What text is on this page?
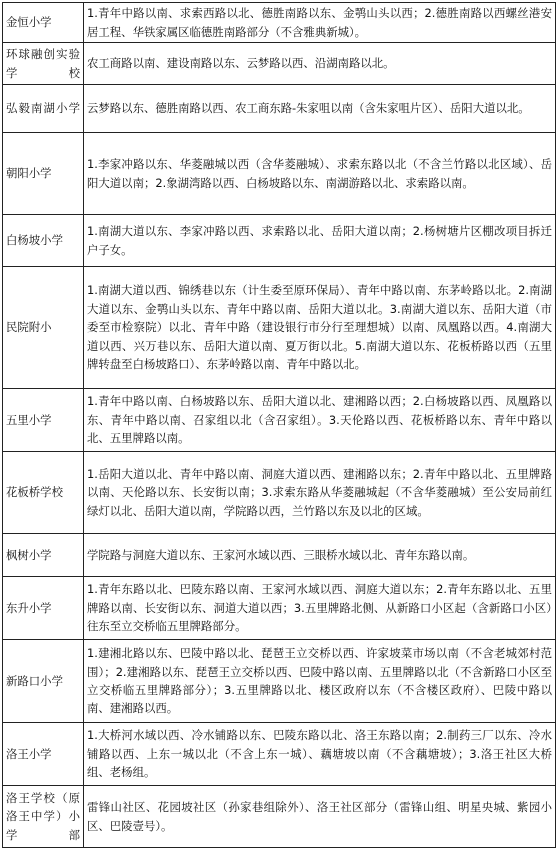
金恒小学	1.青年中路以南、求索西路以北、德胜南路以东、金鹗山头以西；2.德胜南路以西螺丝港安居工程、华铁家属区临德胜南路部分（不含雅典新城）。
环球融创实验学校	农工商路以南、建设南路以东、云梦路以西、沿湖南路以北。
弘毅南湖小学	云梦路以东、德胜南路以西、农工商东路-朱家咀以南（含朱家咀片区）、岳阳大道以北。
朝阳小学	1.李家冲路以东、华菱融城以西（含华菱融城）、求索东路以北（不含兰竹路以北区域）、岳阳大道以南；2.象湖湾路以西、白杨坡路以东、南湖游路以北、求索路以南。
白杨坡小学	1.南湖大道以东、李家冲路以西、求索路以北、岳阳大道以南；2.杨树塘片区棚改项目拆迁户子女。
民院附小	1.南湖大道以西、锦绣巷以东（计生委至原环保局）、青年中路以南、东茅岭路以北。2.南湖大道以东、金鹗山头以东、青年中路以南、岳阳大道以北。3.南湖大道以东、岳阳大道（市委至市检察院）以北、青年中路（建设银行市分行至理想城）以南、凤凰路以西。4.南湖大道以西、兴万巷以东、岳阳大道以南、夏万街以北。5.南湖大道以东、花板桥路以西（五里牌转盘至白杨坡路口）、东茅岭路以南、青年中路以北。
五里小学	1.青年中路以南、白杨坡路以东、岳阳大道以北、建湘路以西；2.白杨坡路以西、凤凰路以东、青年中路以南、召家组以北（含召家组）。3.天伦路以西、花板桥路以东、青年中路以北、五里牌路以南。
花板桥学校	1.岳阳大道以北、青年中路以南、洞庭大道以西、建湘路以东；2.青年中路以北、五里牌路以南、天伦路以东、长安街以南；3.求索东路从华菱融城起（不含华菱融城）至公安局前红绿灯以北、岳阳大道以南，学院路以西，兰竹路以东及以北的区域。
枫树小学	学院路与洞庭大道以东、王家河水域以西、三眼桥水域以北、青年东路以南。
东升小学	1.青年东路以北、巴陵东路以南、王家河水域以西、洞庭大道以东；2.青年东路以北、五里牌路以南、长安街以东、洞道大道以西；3.五里牌路北侧、从新路口小区起（含新路口小区）往东至立交桥临五里牌路部分。
新路口小学	1.建湘北路以东、巴陵中路以北、琵琶王立交桥以西、许家坡菜市场以南（不含老城郊村范围）；2.建湘路以东、琵琶王立交桥以西、巴陵中路以南、五里牌路以北（不含新路口小区至立交桥临五里牌路部分）；3.五里牌路以北、楼区政府以东（不含楼区政府）、巴陵中路以南、建湘路以西。
洛王小学	1.大桥河水域以西、冷水铺路以东、巴陵东路以北、洛王东路以南；2.制药三厂以东、冷水铺路以西、上东一城以北（不含上东一城）、藕塘坡以南（不含藕塘坡）；3.洛王社区大桥组、老杨组。
洛王学校（原洛王中学）小学部	雷锋山社区、花园坡社区（孙家巷组除外）、洛王社区部分（雷锋山组、明星央城、紫园小区、巴陵壹号）。
